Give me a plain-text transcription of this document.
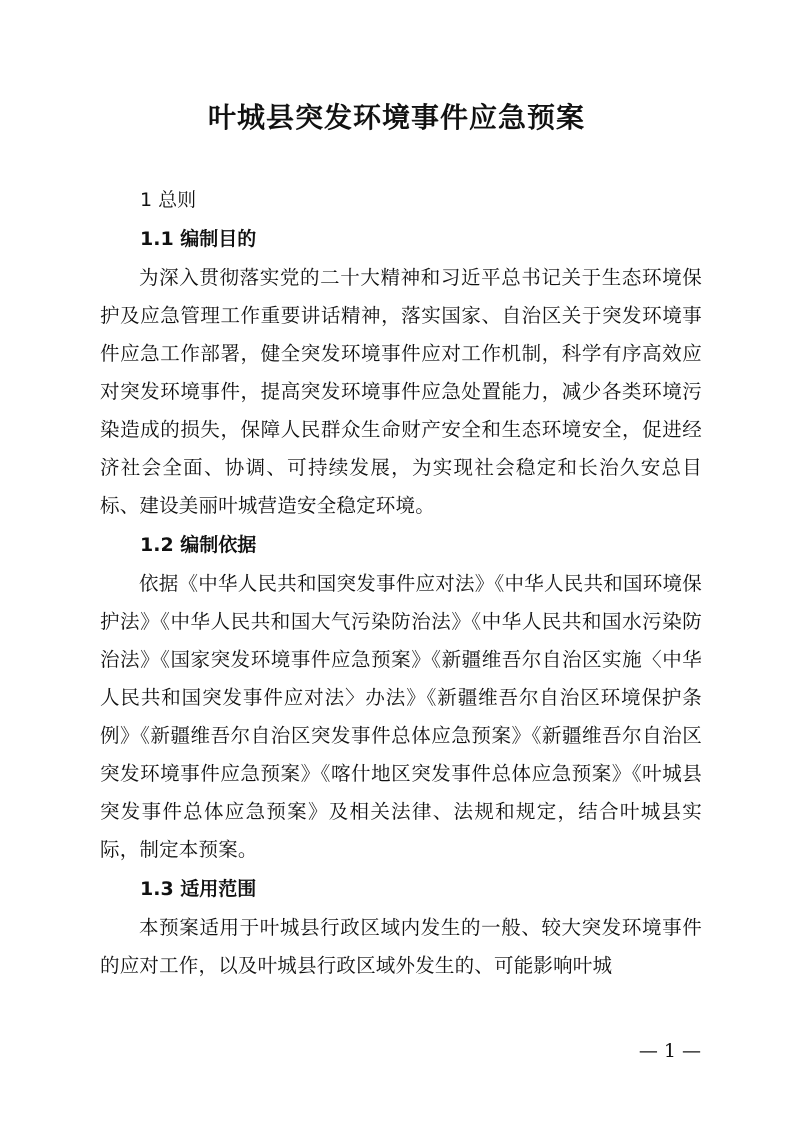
叶城县突发环境事件应急预案
1 总则
1.1 编制目的

为深入贯彻落实党的二十大精神和习近平总书记关于生态环境保护及应急管理工作重要讲话精神，落实国家、自治区关于突发环境事件应急工作部署，健全突发环境事件应对工作机制，科学有序高效应对突发环境事件，提高突发环境事件应急处置能力，减少各类环境污染造成的损失，保障人民群众生命财产安全和生态环境安全，促进经济社会全面、协调、可持续发展，为实现社会稳定和长治久安总目标、建设美丽叶城营造安全稳定环境。

1.2 编制依据

依据《中华人民共和国突发事件应对法》《中华人民共和国环境保护法》《中华人民共和国大气污染防治法》《中华人民共和国水污染防治法》《国家突发环境事件应急预案》《新疆维吾尔自治区实施〈中华人民共和国突发事件应对法〉办法》《新疆维吾尔自治区环境保护条例》《新疆维吾尔自治区突发事件总体应急预案》《新疆维吾尔自治区突发环境事件应急预案》《喀什地区突发事件总体应急预案》《叶城县突发事件总体应急预案》及相关法律、法规和规定，结合叶城县实际，制定本预案。

1.3 适用范围

本预案适用于叶城县行政区域内发生的一般、较大突发环境事件的应对工作，以及叶城县行政区域外发生的、可能影响叶城

— 1 —
